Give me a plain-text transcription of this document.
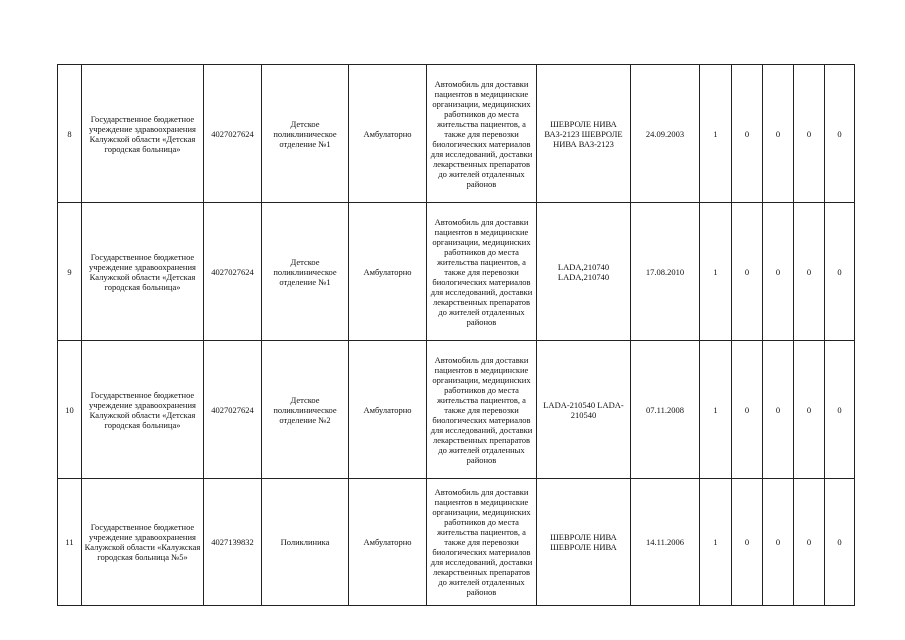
8	Государственное бюджетное учреждение здравоохранения Калужской области «Детская городская больница»	4027027624	Детское поликлиническое отделение №1	Амбулаторно	Автомобиль для доставки пациентов в медицинские организации, медицинских работников до места жительства пациентов, а также для перевозки биологических материалов для исследований, доставки лекарственных препаратов до жителей отдаленных районов	ШЕВРОЛЕ НИВА ВАЗ-2123 ШЕВРОЛЕ НИВА ВАЗ-2123	24.09.2003	1	0	0	0	0
9	Государственное бюджетное учреждение здравоохранения Калужской области «Детская городская больница»	4027027624	Детское поликлиническое отделение №1	Амбулаторно	Автомобиль для доставки пациентов в медицинские организации, медицинских работников до места жительства пациентов, а также для перевозки биологических материалов для исследований, доставки лекарственных препаратов до жителей отдаленных районов	LADA,210740 LADA,210740	17.08.2010	1	0	0	0	0
10	Государственное бюджетное учреждение здравоохранения Калужской области «Детская городская больница»	4027027624	Детское поликлиническое отделение №2	Амбулаторно	Автомобиль для доставки пациентов в медицинские организации, медицинских работников до места жительства пациентов, а также для перевозки биологических материалов для исследований, доставки лекарственных препаратов до жителей отдаленных районов	LADA-210540 LADA-210540	07.11.2008	1	0	0	0	0
11	Государственное бюджетное учреждение здравоохранения Калужской области «Калужская городская больница №5»	4027139832	Поликлиника	Амбулаторно	Автомобиль для доставки пациентов в медицинские организации, медицинских работников до места жительства пациентов, а также для перевозки биологических материалов для исследований, доставки лекарственных препаратов до жителей отдаленных районов	ШЕВРОЛЕ НИВА ШЕВРОЛЕ НИВА	14.11.2006	1	0	0	0	0
